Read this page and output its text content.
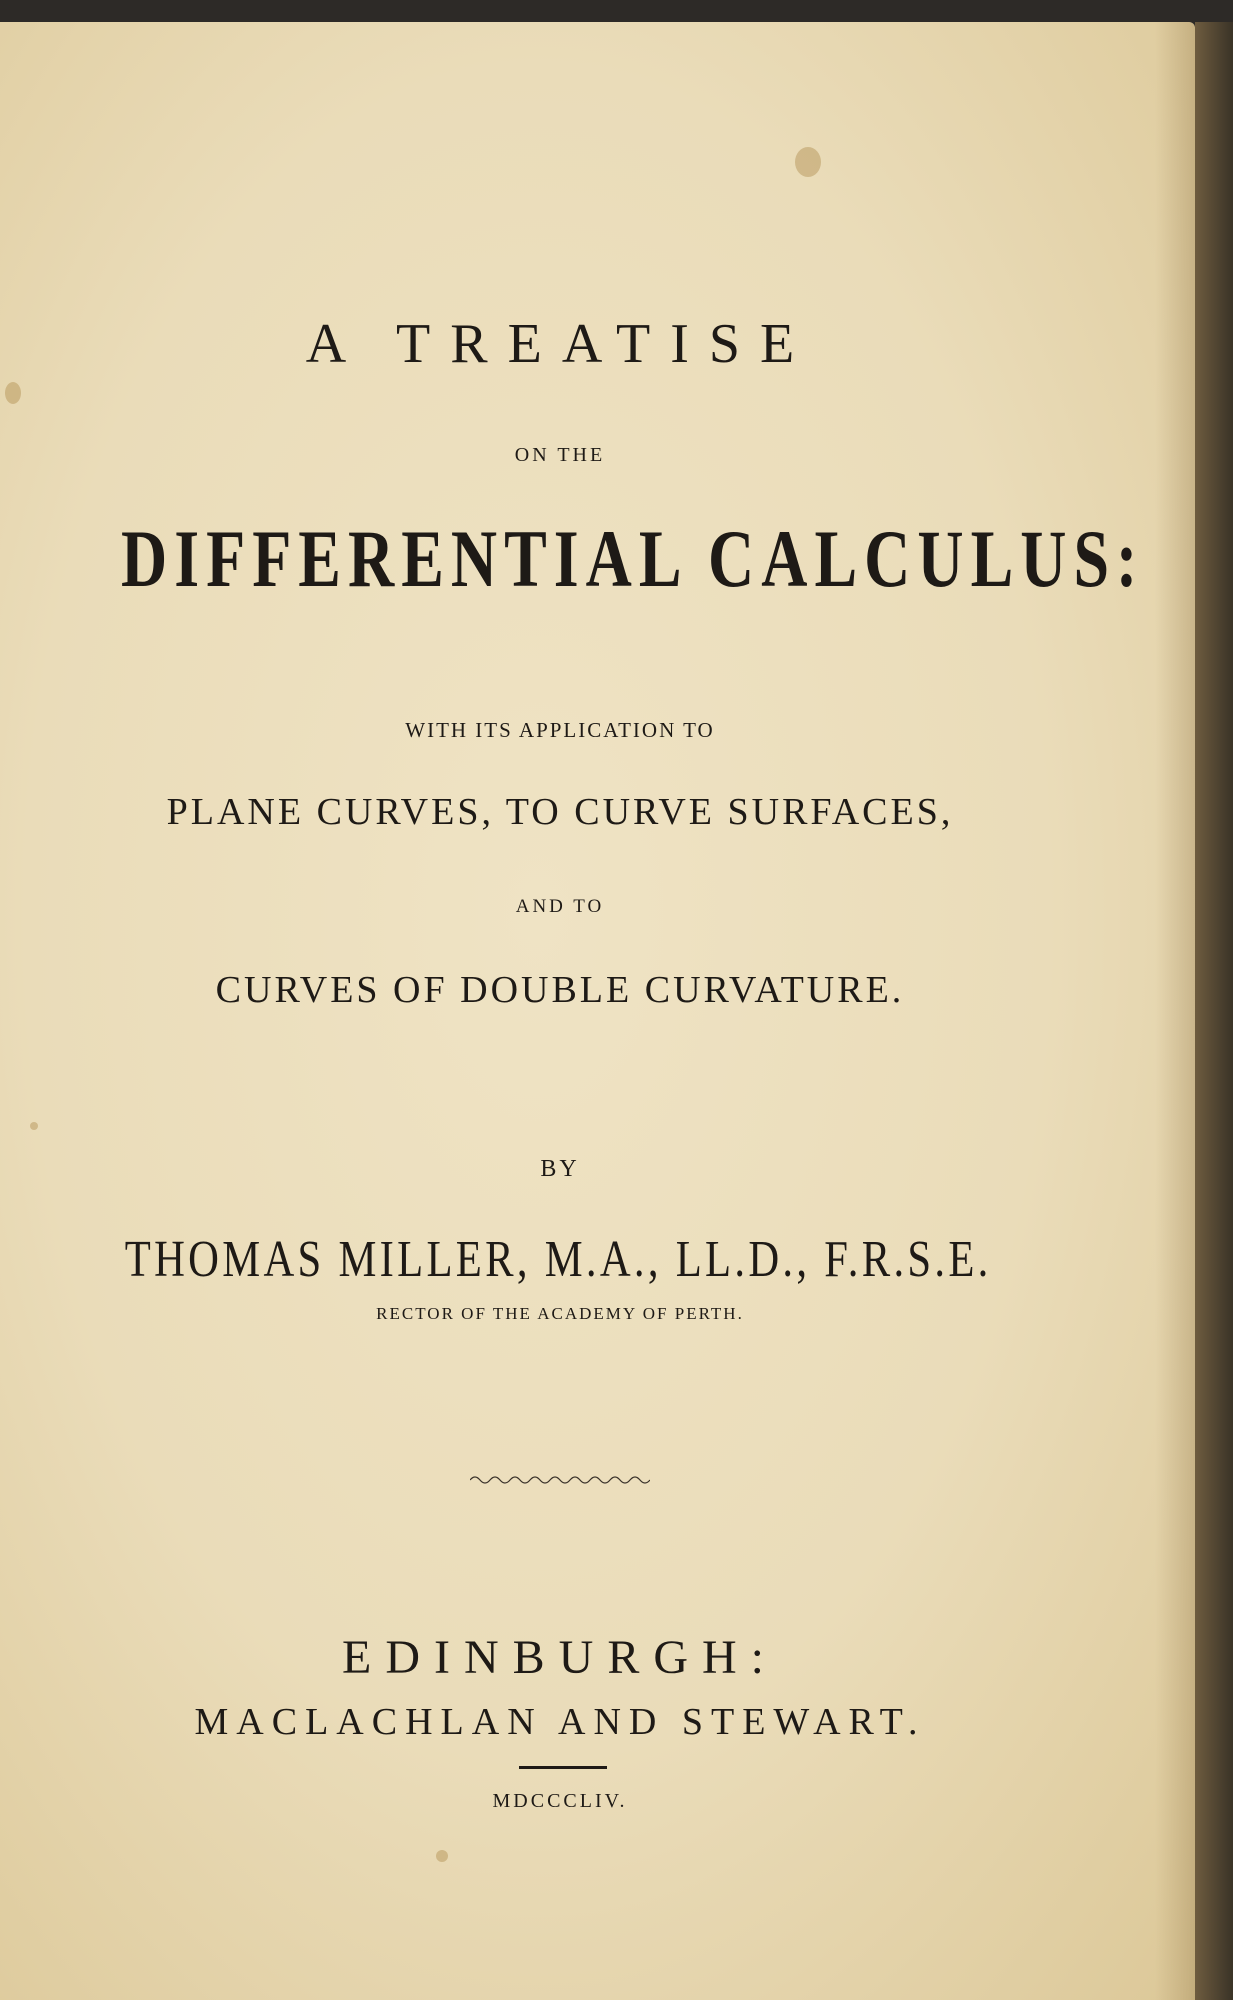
A TREATISE
ON THE
DIFFERENTIAL CALCULUS:
WITH ITS APPLICATION TO
PLANE CURVES, TO CURVE SURFACES,
AND TO
CURVES OF DOUBLE CURVATURE.
BY
THOMAS MILLER, M.A., LL.D., F.R.S.E.
RECTOR OF THE ACADEMY OF PERTH.
EDINBURGH:
MACLACHLAN AND STEWART.
MDCCCLIV.
